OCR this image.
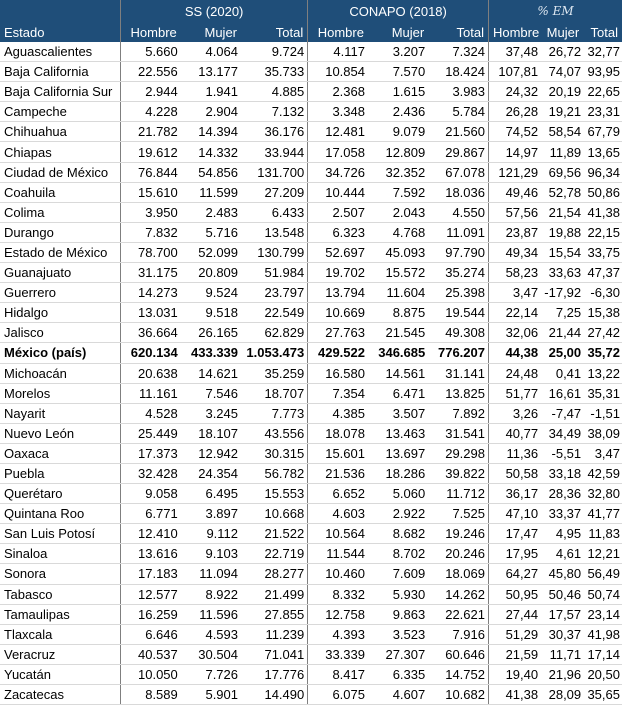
	SS (2020)			CONAPO (2018)			% EM		
Estado	Hombre	Mujer	Total	Hombre	Mujer	Total	Hombre	Mujer	Total
Aguascalientes	5.660	4.064	9.724	4.117	3.207	7.324	37,48	26,72	32,77
Baja California	22.556	13.177	35.733	10.854	7.570	18.424	107,81	74,07	93,95
Baja California Sur	2.944	1.941	4.885	2.368	1.615	3.983	24,32	20,19	22,65
Campeche	4.228	2.904	7.132	3.348	2.436	5.784	26,28	19,21	23,31
Chihuahua	21.782	14.394	36.176	12.481	9.079	21.560	74,52	58,54	67,79
Chiapas	19.612	14.332	33.944	17.058	12.809	29.867	14,97	11,89	13,65
Ciudad de México	76.844	54.856	131.700	34.726	32.352	67.078	121,29	69,56	96,34
Coahuila	15.610	11.599	27.209	10.444	7.592	18.036	49,46	52,78	50,86
Colima	3.950	2.483	6.433	2.507	2.043	4.550	57,56	21,54	41,38
Durango	7.832	5.716	13.548	6.323	4.768	11.091	23,87	19,88	22,15
Estado de México	78.700	52.099	130.799	52.697	45.093	97.790	49,34	15,54	33,75
Guanajuato	31.175	20.809	51.984	19.702	15.572	35.274	58,23	33,63	47,37
Guerrero	14.273	9.524	23.797	13.794	11.604	25.398	3,47	-17,92	-6,30
Hidalgo	13.031	9.518	22.549	10.669	8.875	19.544	22,14	7,25	15,38
Jalisco	36.664	26.165	62.829	27.763	21.545	49.308	32,06	21,44	27,42
México (país)	620.134	433.339	1.053.473	429.522	346.685	776.207	44,38	25,00	35,72
Michoacán	20.638	14.621	35.259	16.580	14.561	31.141	24,48	0,41	13,22
Morelos	11.161	7.546	18.707	7.354	6.471	13.825	51,77	16,61	35,31
Nayarit	4.528	3.245	7.773	4.385	3.507	7.892	3,26	-7,47	-1,51
Nuevo León	25.449	18.107	43.556	18.078	13.463	31.541	40,77	34,49	38,09
Oaxaca	17.373	12.942	30.315	15.601	13.697	29.298	11,36	-5,51	3,47
Puebla	32.428	24.354	56.782	21.536	18.286	39.822	50,58	33,18	42,59
Querétaro	9.058	6.495	15.553	6.652	5.060	11.712	36,17	28,36	32,80
Quintana Roo	6.771	3.897	10.668	4.603	2.922	7.525	47,10	33,37	41,77
San Luis Potosí	12.410	9.112	21.522	10.564	8.682	19.246	17,47	4,95	11,83
Sinaloa	13.616	9.103	22.719	11.544	8.702	20.246	17,95	4,61	12,21
Sonora	17.183	11.094	28.277	10.460	7.609	18.069	64,27	45,80	56,49
Tabasco	12.577	8.922	21.499	8.332	5.930	14.262	50,95	50,46	50,74
Tamaulipas	16.259	11.596	27.855	12.758	9.863	22.621	27,44	17,57	23,14
Tlaxcala	6.646	4.593	11.239	4.393	3.523	7.916	51,29	30,37	41,98
Veracruz	40.537	30.504	71.041	33.339	27.307	60.646	21,59	11,71	17,14
Yucatán	10.050	7.726	17.776	8.417	6.335	14.752	19,40	21,96	20,50
Zacatecas	8.589	5.901	14.490	6.075	4.607	10.682	41,38	28,09	35,65
